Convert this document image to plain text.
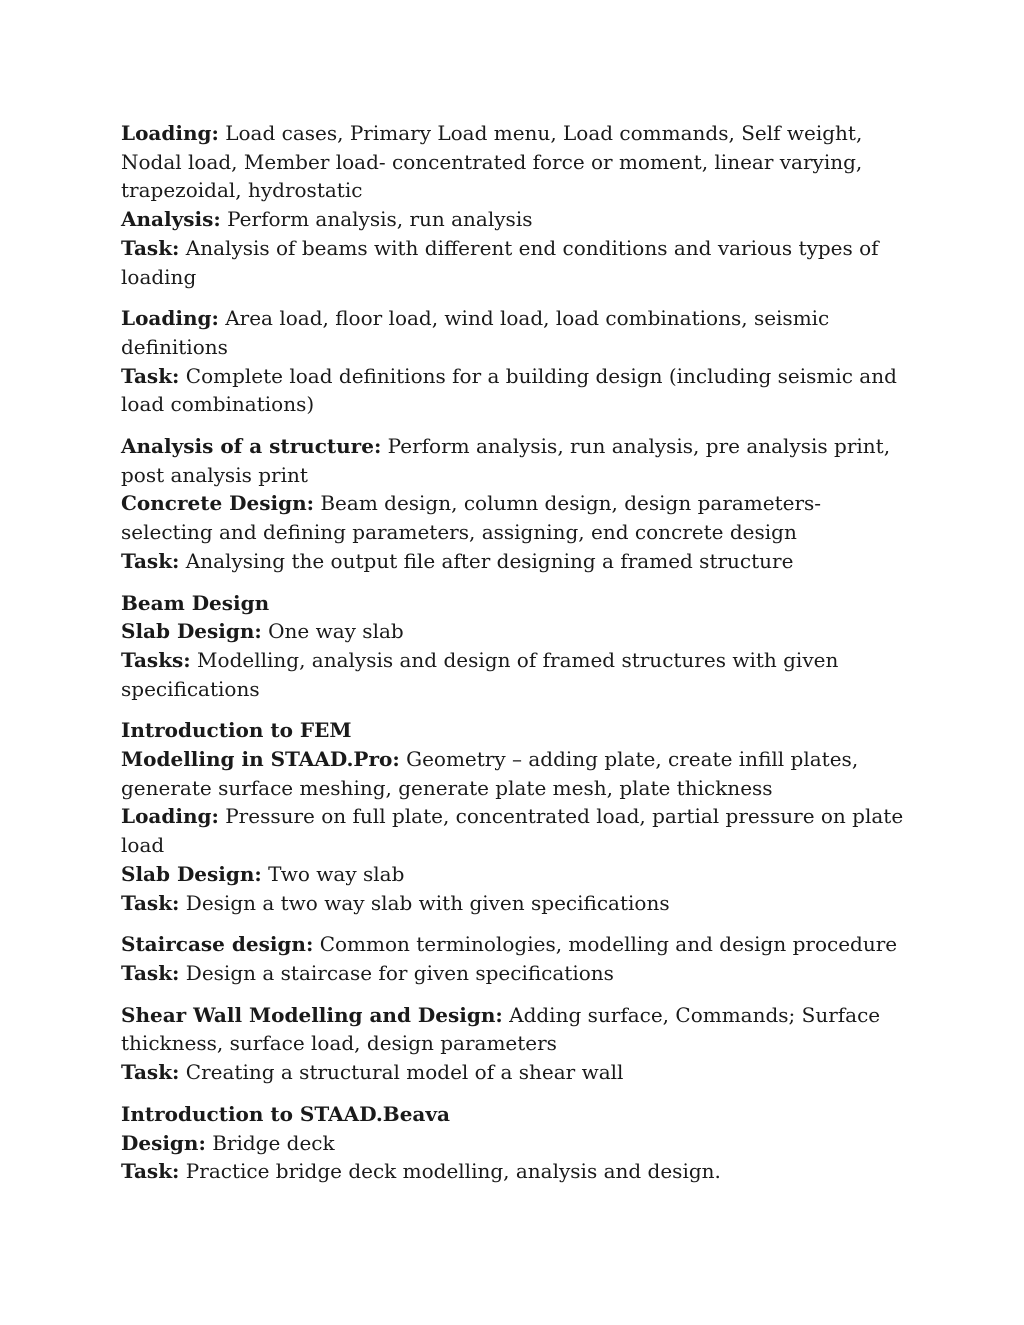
Loading: Load cases, Primary Load menu, Load commands, Self weight, Nodal load, Member load- concentrated force or moment, linear varying, trapezoidal, hydrostatic

Analysis: Perform analysis, run analysis

Task: Analysis of beams with different end conditions and various types of loading

Loading: Area load, floor load, wind load, load combinations, seismic definitions

Task: Complete load definitions for a building design (including seismic and load combinations)

Analysis of a structure: Perform analysis, run analysis, pre analysis print, post analysis print

Concrete Design: Beam design, column design, design parameters- selecting and defining parameters, assigning, end concrete design

Task: Analysing the output file after designing a framed structure

Beam Design

Slab Design: One way slab

Tasks: Modelling, analysis and design of framed structures with given specifications

Introduction to FEM

Modelling in STAAD.Pro: Geometry – adding plate, create infill plates, generate surface meshing, generate plate mesh, plate thickness

Loading: Pressure on full plate, concentrated load, partial pressure on plate load

Slab Design: Two way slab

Task: Design a two way slab with given specifications

Staircase design: Common terminologies, modelling and design procedure

Task: Design a staircase for given specifications

Shear Wall Modelling and Design: Adding surface, Commands; Surface thickness, surface load, design parameters

Task: Creating a structural model of a shear wall

Introduction to STAAD.Beava

Design: Bridge deck

Task: Practice bridge deck modelling, analysis and design.
